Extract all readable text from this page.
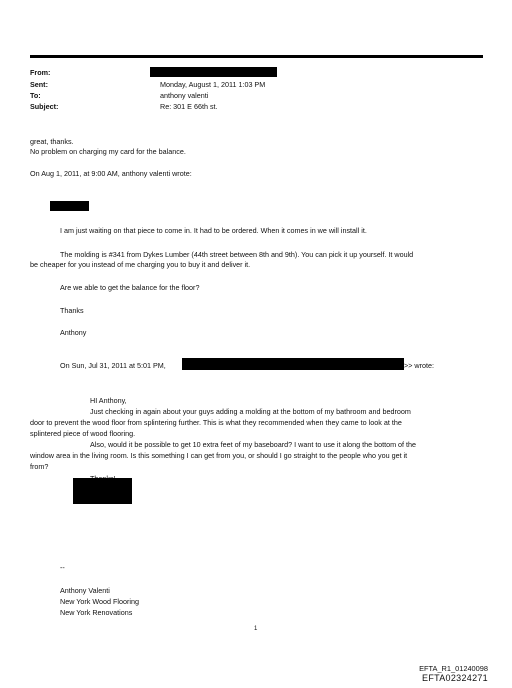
From:
Sent:	Monday, August 1, 2011 1:03 PM
To:	anthony valenti
Subject:	Re: 301 E 66th st.
great, thanks.
No problem on charging my card for the balance.
On Aug 1, 2011, at 9:00 AM, anthony valenti wrote:
I am just waiting on that piece to come in. It had to be ordered. When it comes in we will install it.
The molding is #341 from Dykes Lumber (44th street between 8th and 9th). You can pick it up yourself. It would
be cheaper for you instead of me charging you to buy it and deliver it.
Are we able to get the balance for the floor?
Thanks
Anthony
On Sun, Jul 31, 2011 at 5:01 PM,	>> wrote:
HI Anthony,
Just checking in again about your guys adding a molding at the bottom of my bathroom and bedroom
door to prevent the wood floor from splintering further. This is what they recommended when they came to look at the
splintered piece of wood flooring.
Also, would it be possible to get 10 extra feet of my baseboard? I want to use it along the bottom of the
window area in the living room. Is this something I can get from you, or should I go straight to the people who you get it
from?
--
Anthony Valenti
New York Wood Flooring
New York Renovations
1
EFTA_R1_01240098
EFTA02324271
